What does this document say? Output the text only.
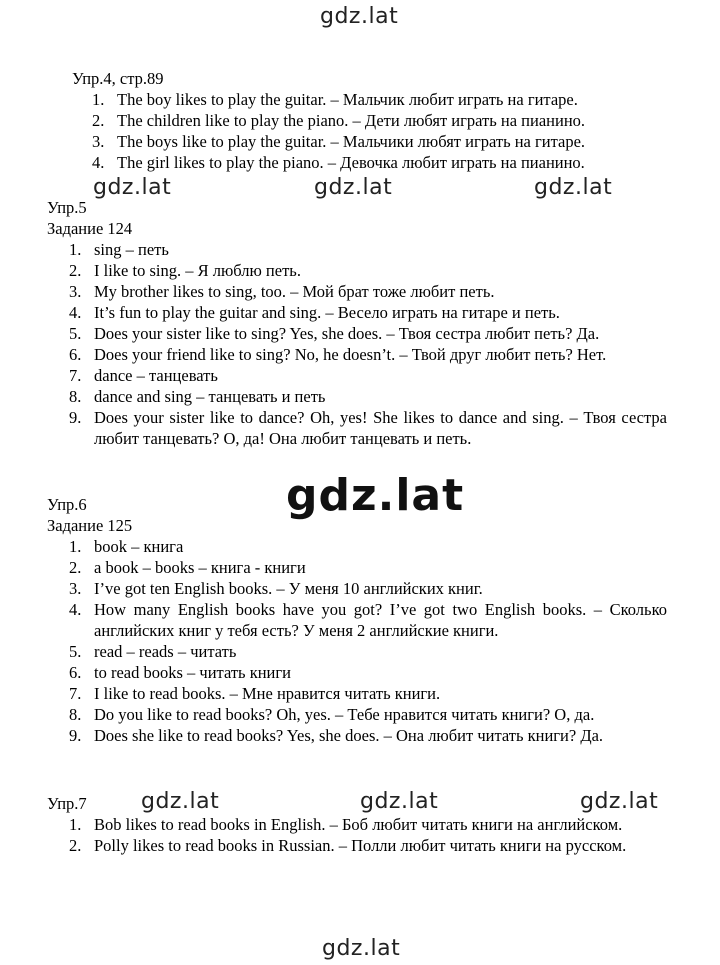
gdz.lat
gdz.lat	gdz.lat	gdz.lat
gdz.lat
gdz.lat	gdz.lat	gdz.lat
gdz.lat
Упр.4, стр.89
1. The boy likes to play the guitar. – Мальчик любит играть на гитаре.
2. The children like to play the piano. – Дети любят играть на пианино.
3. The boys like to play the guitar. – Мальчики любят играть на гитаре.
4. The girl likes to play the piano. – Девочка любит играть на пианино.
Упр.5
Задание 124
1. sing – петь
2. I like to sing. – Я люблю петь.
3. My brother likes to sing, too. – Мой брат тоже любит петь.
4. It’s fun to play the guitar and sing. – Весело играть на гитаре и петь.
5. Does your sister like to sing? Yes, she does. – Твоя сестра любит петь? Да.
6. Does your friend like to sing? No, he doesn’t. – Твой друг любит петь? Нет.
7. dance – танцевать
8. dance and sing – танцевать и петь
9. Does your sister like to dance? Oh, yes! She likes to dance and sing. – Твоя сестра любит танцевать? О, да! Она любит танцевать и петь.
Упр.6
Задание 125
1. book – книга
2. a book – books – книга - книги
3. I’ve got ten English books. – У меня 10 английских книг.
4. How many English books have you got? I’ve got two English books. – Сколько английских книг у тебя есть? У меня 2 английские книги.
5. read – reads – читать
6. to read books – читать книги
7. I like to read books. – Мне нравится читать книги.
8. Do you like to read books? Oh, yes. – Тебе нравится читать книги? О, да.
9. Does she like to read books? Yes, she does. – Она любит читать книги? Да.
Упр.7
1. Bob likes to read books in English. – Боб любит читать книги на английском.
2. Polly likes to read books in Russian. – Полли любит читать книги на русском.
